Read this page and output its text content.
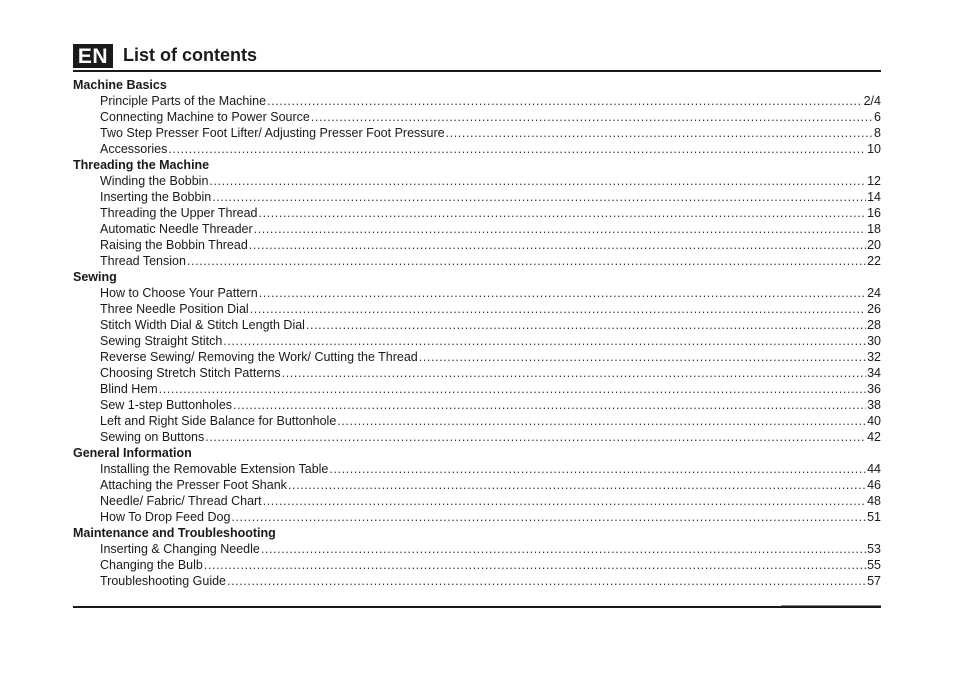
EN List of contents
Machine Basics
Principle Parts of the Machine .....	2/4
Connecting Machine to Power Source .....	6
Two Step Presser Foot Lifter/ Adjusting Presser Foot Pressure .....	8
Accessories .....	10
Threading the Machine
Winding the Bobbin .....	12
Inserting the Bobbin .....	14
Threading the Upper Thread .....	16
Automatic Needle Threader .....	18
Raising the Bobbin Thread .....	20
Thread Tension .....	22
Sewing
How to Choose Your Pattern .....	24
Three Needle Position Dial .....	26
Stitch Width Dial & Stitch Length Dial .....	28
Sewing Straight Stitch .....	30
Reverse Sewing/ Removing the Work/ Cutting the Thread .....	32
Choosing Stretch Stitch Patterns .....	34
Blind Hem .....	36
Sew 1-step Buttonholes .....	38
Left and Right Side Balance for Buttonhole .....	40
Sewing on Buttons .....	42
General Information
Installing the Removable Extension Table .....	44
Attaching the Presser Foot Shank .....	46
Needle/ Fabric/ Thread Chart .....	48
How To Drop Feed Dog .....	51
Maintenance and Troubleshooting
Inserting & Changing Needle .....	53
Changing the Bulb .....	55
Troubleshooting Guide .....	57
